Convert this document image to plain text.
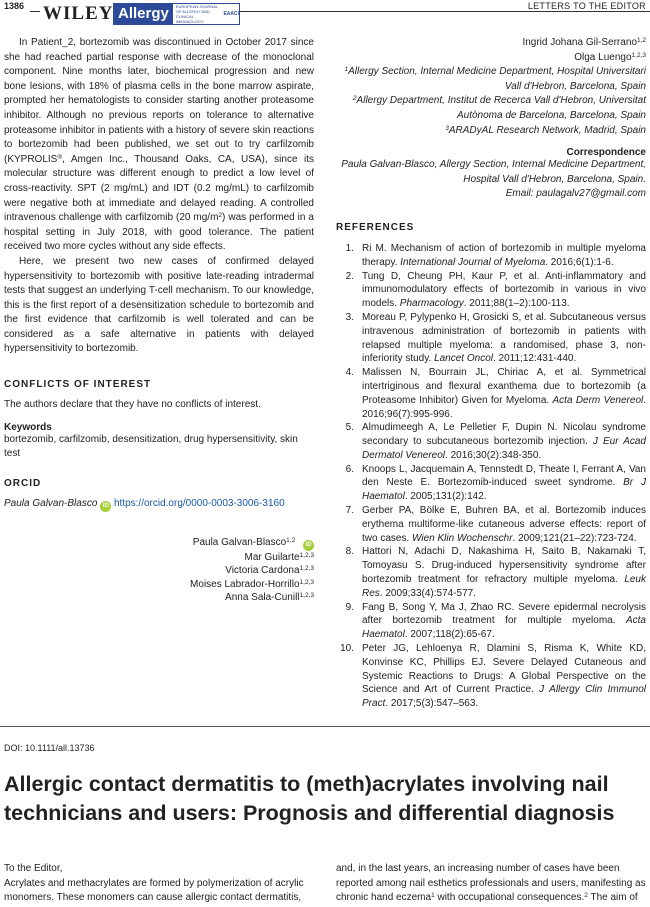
1386 WILEY Allergy	EUROPEAN JOURNAL OF ALLERGY AND CLINICAL IMMUNOLOGY
EAACI
LETTERS TO THE EDITOR

In Patient_2, bortezomib was discontinued in October 2017 since she had reached partial response with decrease of the monoclonal component. Nine months later, biochemical progression and new bone lesions, with 18% of plasma cells in the bone marrow aspirate, prompted her hematologists to consider starting another proteasome inhibitor. Although no previous reports on tolerance to alternative proteasome inhibitor in patients with a history of severe skin reactions to bortezomib had been published, we set out to try carfilzomib (KYPROLIS®, Amgen Inc., Thousand Oaks, CA, USA), since its molecular structure was different enough to predict a low level of cross-reactivity. SPT (2 mg/mL) and IDT (0.2 mg/mL) to carfilzomib were negative both at immediate and delayed reading. A controlled intravenous challenge with carfilzomib (20 $mg/m^2$) was performed in a hospital setting in July 2018, with good tolerance. The patient received two more cycles without any side effects.

Here, we present two new cases of confirmed delayed hypersensitivity to bortezomib with positive late-reading intradermal tests that suggest an underlying T-cell mechanism. To our knowledge, this is the first report of a desensitization schedule to bortezomib and the first evidence that carfilzomib is well tolerated and can be considered as a safe alternative in patients with delayed hypersensitivity to bortezomib.

CONFLICTS OF INTEREST
The authors declare that they have no conflicts of interest.
Keywords
bortezomib, carfilzomib, desensitization, drug hypersensitivity, skin test
ORCID
Paula Galvan-Blasco iD https://orcid.org/0000-0003-3006-3160
Paula Galvan-Blasco$^{1,2}$ iD
Mar Guilarte$^{1,2,3}$
Victoria Cardona$^{1,2,3}$
Moises Labrador-Horrillo$^{1,2,3}$
Anna Sala-Cunill$^{1,2,3}$
Ingrid Johana Gil-Serrano$^{1,2}$
Olga Luengo$^{1,2,3}$
$^1$Allergy Section, Internal Medicine Department, Hospital Universitari Vall d'Hebron, Barcelona, Spain
$^2$Allergy Department, Institut de Recerca Vall d'Hebron, Universitat Autònoma de Barcelona, Barcelona, Spain
$^3$ARADyAL Research Network, Madrid, Spain
Correspondence
Paula Galvan-Blasco, Allergy Section, Internal Medicine Department, Hospital Vall d'Hebron, Barcelona, Spain.
Email: paulagalv27@gmail.com
REFERENCES
1. Ri M. Mechanism of action of bortezomib in multiple myeloma therapy. International Journal of Myeloma. 2016;6(1):1-6.
2. Tung D, Cheung PH, Kaur P, et al. Anti-inflammatory and immunomodulatory effects of bortezomib in various in vivo models. Pharmacology. 2011;88(1–2):100-113.
3. Moreau P, Pylypenko H, Grosicki S, et al. Subcutaneous versus intravenous administration of bortezomib in patients with relapsed multiple myeloma: a randomised, phase 3, non-inferiority study. Lancet Oncol. 2011;12:431-440.
4. Malissen N, Bourrain JL, Chiriac A, et al. Symmetrical intertriginous and flexural exanthema due to bortezomib (a Proteasome Inhibitor) Given for Myeloma. Acta Derm Venereol. 2016;96(7):995-996.
5. Almudimeegh A, Le Pelletier F, Dupin N. Nicolau syndrome secondary to subcutaneous bortezomib injection. J Eur Acad Dermatol Venereol. 2016;30(2):348-350.
6. Knoops L, Jacquemain A, Tennstedt D, Theate I, Ferrant A, Van den Neste E. Bortezomib-induced sweet syndrome. Br J Haematol. 2005;131(2):142.
7. Gerber PA, Bölke E, Buhren BA, et al. Bortezomib induces erythema multiforme-like cutaneous adverse effects: report of two cases. Wien Klin Wochenschr. 2009;121(21–22):723-724.
8. Hattori N, Adachi D, Nakashima H, Saito B, Nakamaki T, Tomoyasu S. Drug-induced hypersensitivity syndrome after bortezomib treatment for refractory multiple myeloma. Leuk Res. 2009;33(4):574-577.
9. Fang B, Song Y, Ma J, Zhao RC. Severe epidermal necrolysis after bortezomib treatment for multiple myeloma. Acta Haematol. 2007;118(2):65-67.
10. Peter JG, Lehloenya R, Dlamini S, Risma K, White KD, Konvinse KC, Phillips EJ. Severe Delayed Cutaneous and Systemic Reactions to Drugs: A Global Perspective on the Science and Art of Current Practice. J Allergy Clin Immunol Pract. 2017;5(3):547–563.
DOI: 10.1111/all.13736
Allergic contact dermatitis to (meth)acrylates involving nail technicians and users: Prognosis and differential diagnosis
To the Editor,
Acrylates and methacrylates are formed by polymerization of acrylic
monomers. These monomers can cause allergic contact dermatitis,
and, in the last years, an increasing number of cases have been
reported among nail esthetics professionals and users, manifesting as
chronic hand eczema$^1$ with occupational consequences.$^2$ The aim of
